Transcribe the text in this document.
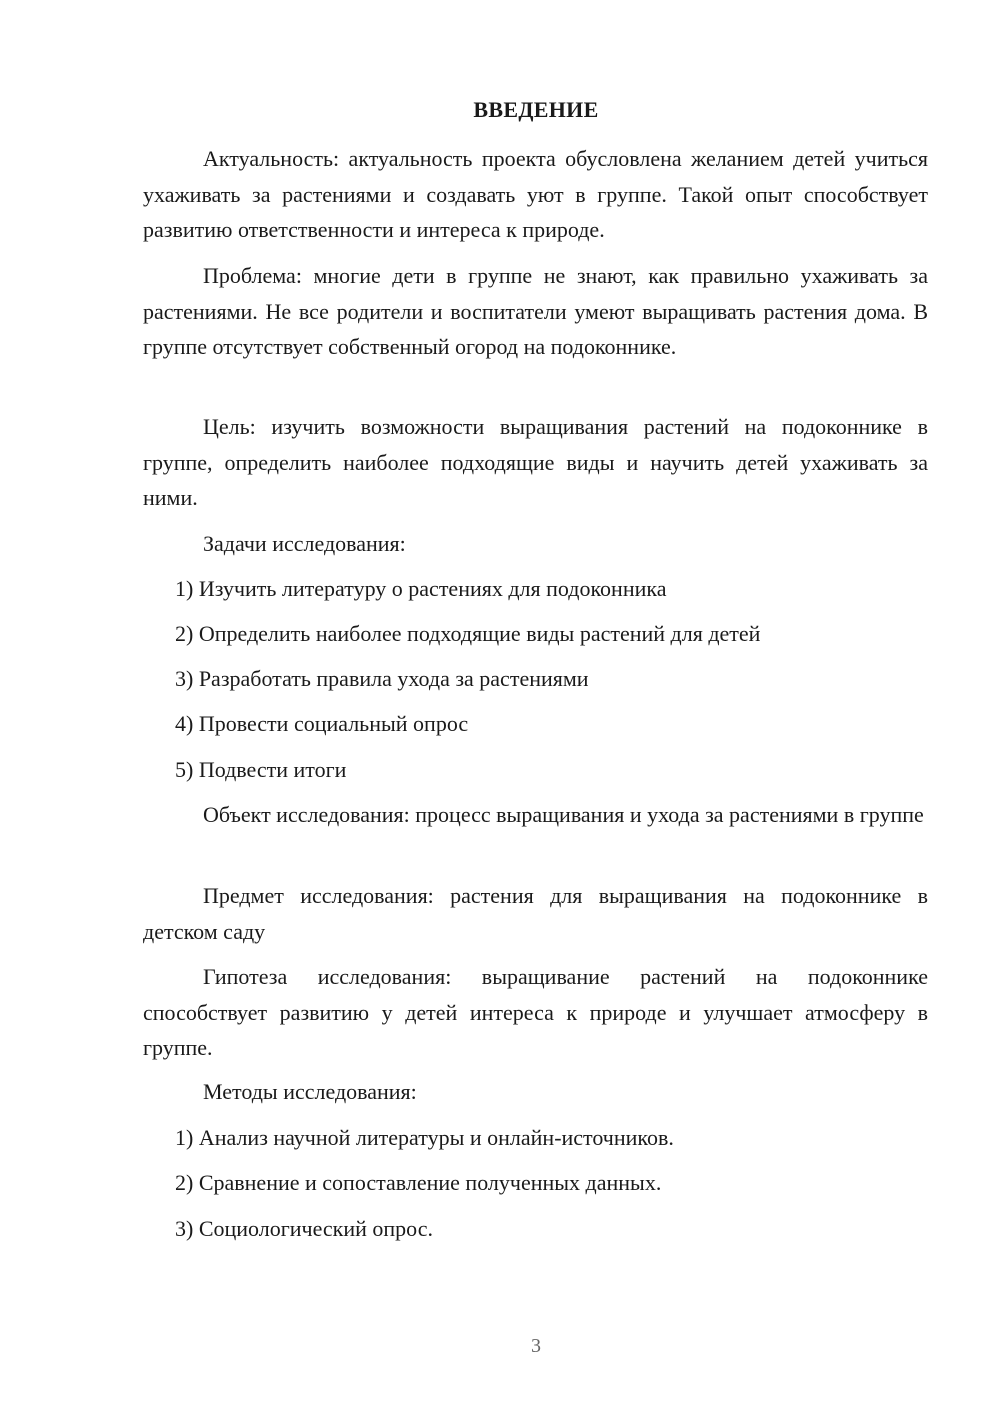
ВВЕДЕНИЕ

Актуальность: актуальность проекта обусловлена желанием детей учиться ухаживать за растениями и создавать уют в группе. Такой опыт способствует развитию ответственности и интереса к природе.

Проблема: многие дети в группе не знают, как правильно ухаживать за растениями. Не все родители и воспитатели умеют выращивать растения дома. В группе отсутствует собственный огород на подоконнике.

Цель: изучить возможности выращивания растений на подоконнике в группе, определить наиболее подходящие виды и научить детей ухаживать за ними.

Задачи исследования:

1) Изучить литературу о растениях для подоконника

2) Определить наиболее подходящие виды растений для детей

3) Разработать правила ухода за растениями

4) Провести социальный опрос

5) Подвести итоги

Объект исследования: процесс выращивания и ухода за растениями в группе

Предмет исследования: растения для выращивания на подоконнике в детском саду

Гипотеза исследования: выращивание растений на подоконнике способствует развитию у детей интереса к природе и улучшает атмосферу в группе.

Методы исследования:

1) Анализ научной литературы и онлайн-источников.

2) Сравнение и сопоставление полученных данных.

3) Социологический опрос.

3
